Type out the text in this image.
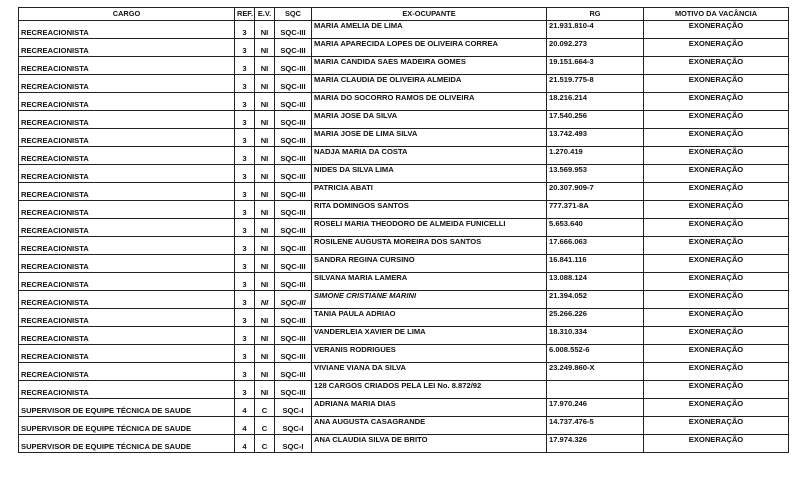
CARGO	REF.	E.V.	SQC	EX-OCUPANTE	RG	MOTIVO DA VACÂNCIA
RECREACIONISTA	3	NI	SQC-III	MARIA AMELIA DE LIMA	21.931.810-4	EXONERAÇÃO
RECREACIONISTA	3	NI	SQC-III	MARIA APARECIDA LOPES DE OLIVEIRA CORREA	20.092.273	EXONERAÇÃO
RECREACIONISTA	3	NI	SQC-III	MARIA CANDIDA SAES MADEIRA GOMES	19.151.664-3	EXONERAÇÃO
RECREACIONISTA	3	NI	SQC-III	MARIA CLAUDIA DE OLIVEIRA ALMEIDA	21.519.775-8	EXONERAÇÃO
RECREACIONISTA	3	NI	SQC-III	MARIA DO SOCORRO RAMOS DE OLIVEIRA	18.216.214	EXONERAÇÃO
RECREACIONISTA	3	NI	SQC-III	MARIA JOSE DA SILVA	17.540.256	EXONERAÇÃO
RECREACIONISTA	3	NI	SQC-III	MARIA JOSE DE LIMA SILVA	13.742.493	EXONERAÇÃO
RECREACIONISTA	3	NI	SQC-III	NADJA MARIA DA COSTA	1.270.419	EXONERAÇÃO
RECREACIONISTA	3	NI	SQC-III	NIDES DA SILVA LIMA	13.569.953	EXONERAÇÃO
RECREACIONISTA	3	NI	SQC-III	PATRICIA ABATI	20.307.909-7	EXONERAÇÃO
RECREACIONISTA	3	NI	SQC-III	RITA DOMINGOS SANTOS	777.371-8A	EXONERAÇÃO
RECREACIONISTA	3	NI	SQC-III	ROSELI MARIA THEODORO DE ALMEIDA FUNICELLI	5.653.640	EXONERAÇÃO
RECREACIONISTA	3	NI	SQC-III	ROSILENE AUGUSTA MOREIRA DOS SANTOS	17.666.063	EXONERAÇÃO
RECREACIONISTA	3	NI	SQC-III	SANDRA REGINA CURSINO	16.841.116	EXONERAÇÃO
RECREACIONISTA	3	NI	SQC-III	SILVANA MARIA LAMERA	13.088.124	EXONERAÇÃO
RECREACIONISTA	3	NI	SQC-III	SIMONE CRISTIANE MARINI	21.394.052	EXONERAÇÃO
RECREACIONISTA	3	NI	SQC-III	TANIA PAULA ADRIAO	25.266.226	EXONERAÇÃO
RECREACIONISTA	3	NI	SQC-III	VANDERLEIA XAVIER DE LIMA	18.310.334	EXONERAÇÃO
RECREACIONISTA	3	NI	SQC-III	VERANIS RODRIGUES	6.008.552-6	EXONERAÇÃO
RECREACIONISTA	3	NI	SQC-III	VIVIANE VIANA DA SILVA	23.249.860-X	EXONERAÇÃO
RECREACIONISTA	3	NI	SQC-III	128 CARGOS CRIADOS PELA LEI No. 8.872/92		EXONERAÇÃO
SUPERVISOR DE EQUIPE TÉCNICA DE SAUDE	4	C	SQC-I	ADRIANA MARIA DIAS	17.970.246	EXONERAÇÃO
SUPERVISOR DE EQUIPE TÉCNICA DE SAUDE	4	C	SQC-I	ANA AUGUSTA CASAGRANDE	14.737.476-5	EXONERAÇÃO
SUPERVISOR DE EQUIPE TÉCNICA DE SAUDE	4	C	SQC-I	ANA CLAUDIA SILVA DE BRITO	17.974.326	EXONERAÇÃO
